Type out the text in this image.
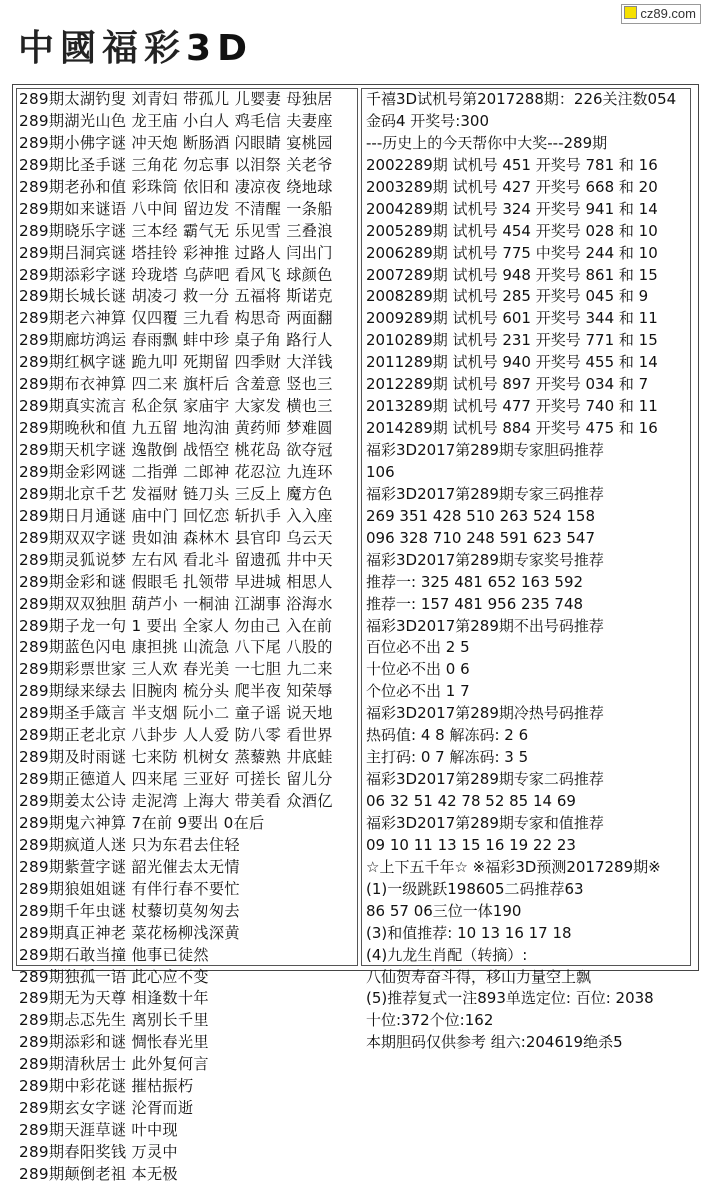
中國福彩3D
cz89.com
289期太湖钓叟 刘青妇 带孤儿 儿婴妻 母独居
289期湖光山色 龙王庙 小白人 鸡毛信 夫妻座
289期小佛字谜 冲天炮 断肠酒 闪眼睛 宴桃园
289期比圣手谜 三角花 勿忘事 以泪祭 关老爷
289期老孙和值 彩珠筒 依旧和 凄凉夜 绕地球
289期如来谜语 八中间 留边发 不清醒 一条船
289期晓乐字谜 三本经 霸气无 乐见雪 三叠浪
289期吕洞宾谜 塔挂铃 彩神推 过路人 闫出门
289期添彩字谜 玲珑塔 乌萨吧 看风飞 球颜色
289期长城长谜 胡凌刁 救一分 五福将 斯诺克
289期老六神算 仅四覆 三九看 构思奇 两面翻
289期廊坊鸿运 春雨飘 蚌中珍 桌子角 路行人
289期红枫字谜 跪九叩 死期留 四季财 大洋钱
289期布衣神算 四二来 旗杆后 含羞意 竖也三
289期真实流言 私企氛 家庙宇 大家发 横也三
289期晚秋和值 九五留 地沟油 黄药师 梦难圆
289期天机字谜 逸散倒 战悟空 桃花岛 欲夺冠
289期金彩网谜 二指弹 二郎神 花忍泣 九连环
289期北京千艺 发福财 链刀头 三反上 魔方色
289期日月通谜 庙中门 回忆恋 斩扒手 入入座
289期双双字谜 贵如油 森林木 县官印 乌云天
289期灵狐说梦 左右风 看北斗 留遗孤 井中天
289期金彩和谜 假眼毛 扎领带 早进城 相思人
289期双双独胆 葫芦小 一桐油 江湖事 浴海水
289期子龙一句 1 要出 全家人 勿由己 入在前
289期蓝色闪电 康担挑 山流急 八下尾 八股的
289期彩票世家 三人欢 春光美 一七胆 九二来
289期绿来绿去 旧腕肉 梳分头 爬半夜 知荣辱
289期圣手箴言 半支烟 阮小二 童子谣 说天地
289期正老北京 八卦步 人人爱 防八零 看世界
289期及时雨谜 七来防 机树女 蒸藜熟 井底蛙
289期正德道人 四来尾 三亚好 可搓长 留儿分
289期姜太公诗 走泥湾 上海大 带美看 众酒亿
289期鬼六神算 7在前 9要出 0在后
289期疯道人迷 只为东君去住轻
289期紫萱字谜 韶光催去太无情
289期狼姐姐谜 有伴行春不要忙
289期千年虫谜 杖藜切莫匆匆去
289期真正神老 菜花杨柳浅深黄
289期石敢当撞 他事已徒然
289期独孤一语 此心应不变
289期无为天尊 相逢数十年
289期忐忑先生 离别长千里
289期添彩和谜 惆怅春光里
289期清秋居士 此外复何言
289期中彩花谜 摧枯振朽
289期玄女字谜 沦胥而逝
289期天涯草谜 叶中现
289期春阳奖钱 万灵中
289期颠倒老祖 本无极
千禧3D试机号第2017288期：226关注数054
金码4 开奖号:300
---历史上的今天帮你中大奖---289期
2002289期 试机号 451 开奖号 781 和 16
2003289期 试机号 427 开奖号 668 和 20
2004289期 试机号 324 开奖号 941 和 14
2005289期 试机号 454 开奖号 028 和 10
2006289期 试机号 775 中奖号 244 和 10
2007289期 试机号 948 开奖号 861 和 15
2008289期 试机号 285 开奖号 045 和 9
2009289期 试机号 601 开奖号 344 和 11
2010289期 试机号 231 开奖号 771 和 15
2011289期 试机号 940 开奖号 455 和 14
2012289期 试机号 897 开奖号 034 和 7
2013289期 试机号 477 开奖号 740 和 11
2014289期 试机号 884 开奖号 475 和 16
福彩3D2017第289期专家胆码推荐
106
福彩3D2017第289期专家三码推荐
269 351 428 510 263 524 158
096 328 710 248 591 623 547
福彩3D2017第289期专家奖号推荐
推荐一: 325 481 652 163 592
推荐一: 157 481 956 235 748
福彩3D2017第289期不出号码推荐
百位必不出 2 5
十位必不出 0 6
个位必不出 1 7
福彩3D2017第289期冷热号码推荐
热码值: 4 8 解冻码: 2 6
主打码: 0 7 解冻码: 3 5
福彩3D2017第289期专家二码推荐
06 32 51 42 78 52 85 14 69
福彩3D2017第289期专家和值推荐
09 10 11 13 15 16 19 22 23
☆上下五千年☆ ※福彩3D预测2017289期※
(1)一级跳跃198605二码推荐63
86 57 06三位一体190
(3)和值推荐: 10 13 16 17 18
(4)九龙生肖配（转摘）:
八仙贺寿奋斗得，移山力量空上飘
(5)推荐复式一注893单选定位: 百位: 2038
十位:372个位:162
本期胆码仅供参考 组六:204619绝杀5
